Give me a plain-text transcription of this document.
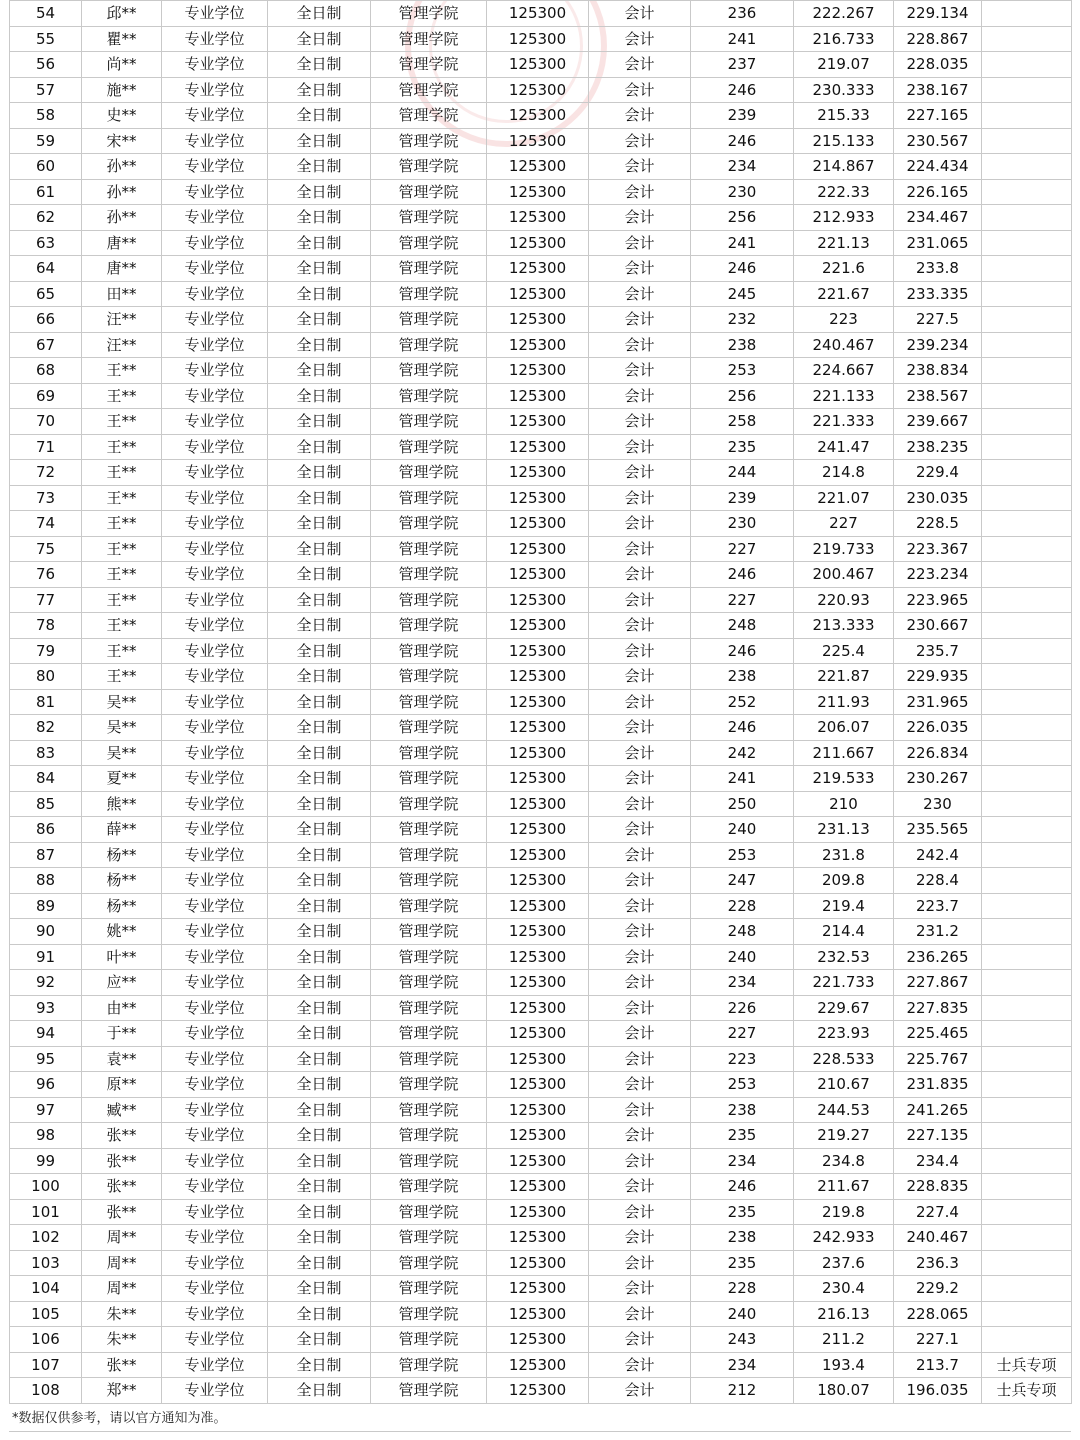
54	邱**	专业学位	全日制	管理学院	125300	会计	236	222.267	229.134	
55	瞿**	专业学位	全日制	管理学院	125300	会计	241	216.733	228.867	
56	尚**	专业学位	全日制	管理学院	125300	会计	237	219.07	228.035	
57	施**	专业学位	全日制	管理学院	125300	会计	246	230.333	238.167	
58	史**	专业学位	全日制	管理学院	125300	会计	239	215.33	227.165	
59	宋**	专业学位	全日制	管理学院	125300	会计	246	215.133	230.567	
60	孙**	专业学位	全日制	管理学院	125300	会计	234	214.867	224.434	
61	孙**	专业学位	全日制	管理学院	125300	会计	230	222.33	226.165	
62	孙**	专业学位	全日制	管理学院	125300	会计	256	212.933	234.467	
63	唐**	专业学位	全日制	管理学院	125300	会计	241	221.13	231.065	
64	唐**	专业学位	全日制	管理学院	125300	会计	246	221.6	233.8	
65	田**	专业学位	全日制	管理学院	125300	会计	245	221.67	233.335	
66	汪**	专业学位	全日制	管理学院	125300	会计	232	223	227.5	
67	汪**	专业学位	全日制	管理学院	125300	会计	238	240.467	239.234	
68	王**	专业学位	全日制	管理学院	125300	会计	253	224.667	238.834	
69	王**	专业学位	全日制	管理学院	125300	会计	256	221.133	238.567	
70	王**	专业学位	全日制	管理学院	125300	会计	258	221.333	239.667	
71	王**	专业学位	全日制	管理学院	125300	会计	235	241.47	238.235	
72	王**	专业学位	全日制	管理学院	125300	会计	244	214.8	229.4	
73	王**	专业学位	全日制	管理学院	125300	会计	239	221.07	230.035	
74	王**	专业学位	全日制	管理学院	125300	会计	230	227	228.5	
75	王**	专业学位	全日制	管理学院	125300	会计	227	219.733	223.367	
76	王**	专业学位	全日制	管理学院	125300	会计	246	200.467	223.234	
77	王**	专业学位	全日制	管理学院	125300	会计	227	220.93	223.965	
78	王**	专业学位	全日制	管理学院	125300	会计	248	213.333	230.667	
79	王**	专业学位	全日制	管理学院	125300	会计	246	225.4	235.7	
80	王**	专业学位	全日制	管理学院	125300	会计	238	221.87	229.935	
81	吴**	专业学位	全日制	管理学院	125300	会计	252	211.93	231.965	
82	吴**	专业学位	全日制	管理学院	125300	会计	246	206.07	226.035	
83	吴**	专业学位	全日制	管理学院	125300	会计	242	211.667	226.834	
84	夏**	专业学位	全日制	管理学院	125300	会计	241	219.533	230.267	
85	熊**	专业学位	全日制	管理学院	125300	会计	250	210	230	
86	薛**	专业学位	全日制	管理学院	125300	会计	240	231.13	235.565	
87	杨**	专业学位	全日制	管理学院	125300	会计	253	231.8	242.4	
88	杨**	专业学位	全日制	管理学院	125300	会计	247	209.8	228.4	
89	杨**	专业学位	全日制	管理学院	125300	会计	228	219.4	223.7	
90	姚**	专业学位	全日制	管理学院	125300	会计	248	214.4	231.2	
91	叶**	专业学位	全日制	管理学院	125300	会计	240	232.53	236.265	
92	应**	专业学位	全日制	管理学院	125300	会计	234	221.733	227.867	
93	由**	专业学位	全日制	管理学院	125300	会计	226	229.67	227.835	
94	于**	专业学位	全日制	管理学院	125300	会计	227	223.93	225.465	
95	袁**	专业学位	全日制	管理学院	125300	会计	223	228.533	225.767	
96	原**	专业学位	全日制	管理学院	125300	会计	253	210.67	231.835	
97	臧**	专业学位	全日制	管理学院	125300	会计	238	244.53	241.265	
98	张**	专业学位	全日制	管理学院	125300	会计	235	219.27	227.135	
99	张**	专业学位	全日制	管理学院	125300	会计	234	234.8	234.4	
100	张**	专业学位	全日制	管理学院	125300	会计	246	211.67	228.835	
101	张**	专业学位	全日制	管理学院	125300	会计	235	219.8	227.4	
102	周**	专业学位	全日制	管理学院	125300	会计	238	242.933	240.467	
103	周**	专业学位	全日制	管理学院	125300	会计	235	237.6	236.3	
104	周**	专业学位	全日制	管理学院	125300	会计	228	230.4	229.2	
105	朱**	专业学位	全日制	管理学院	125300	会计	240	216.13	228.065	
106	朱**	专业学位	全日制	管理学院	125300	会计	243	211.2	227.1	
107	张**	专业学位	全日制	管理学院	125300	会计	234	193.4	213.7	士兵专项
108	郑**	专业学位	全日制	管理学院	125300	会计	212	180.07	196.035	士兵专项
*数据仅供参考，请以官方通知为准。
